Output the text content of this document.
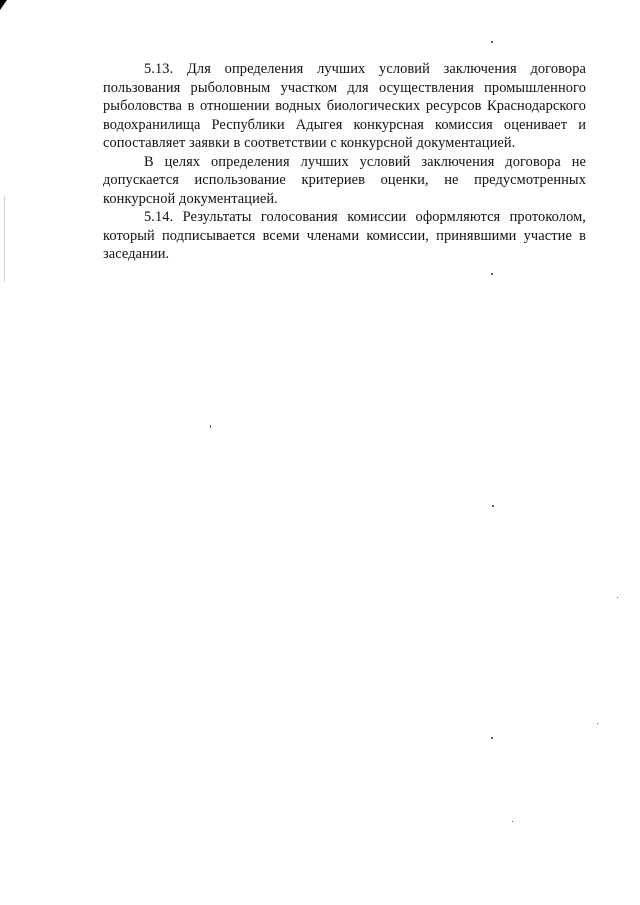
5.13. Для определения лучших условий заключения договора пользования рыболовным участком для осуществления промышленного рыболовства в отношении водных биологических ресурсов Краснодарского водохранилища Республики Адыгея конкурсная комиссия оценивает и сопоставляет заявки в соответствии с конкурсной документацией.

В целях определения лучших условий заключения договора не допускается использование критериев оценки, не предусмотренных конкурсной документацией.

5.14. Результаты голосования комиссии оформляются протоколом, который подписывается всеми членами комиссии, принявшими участие в заседании.
